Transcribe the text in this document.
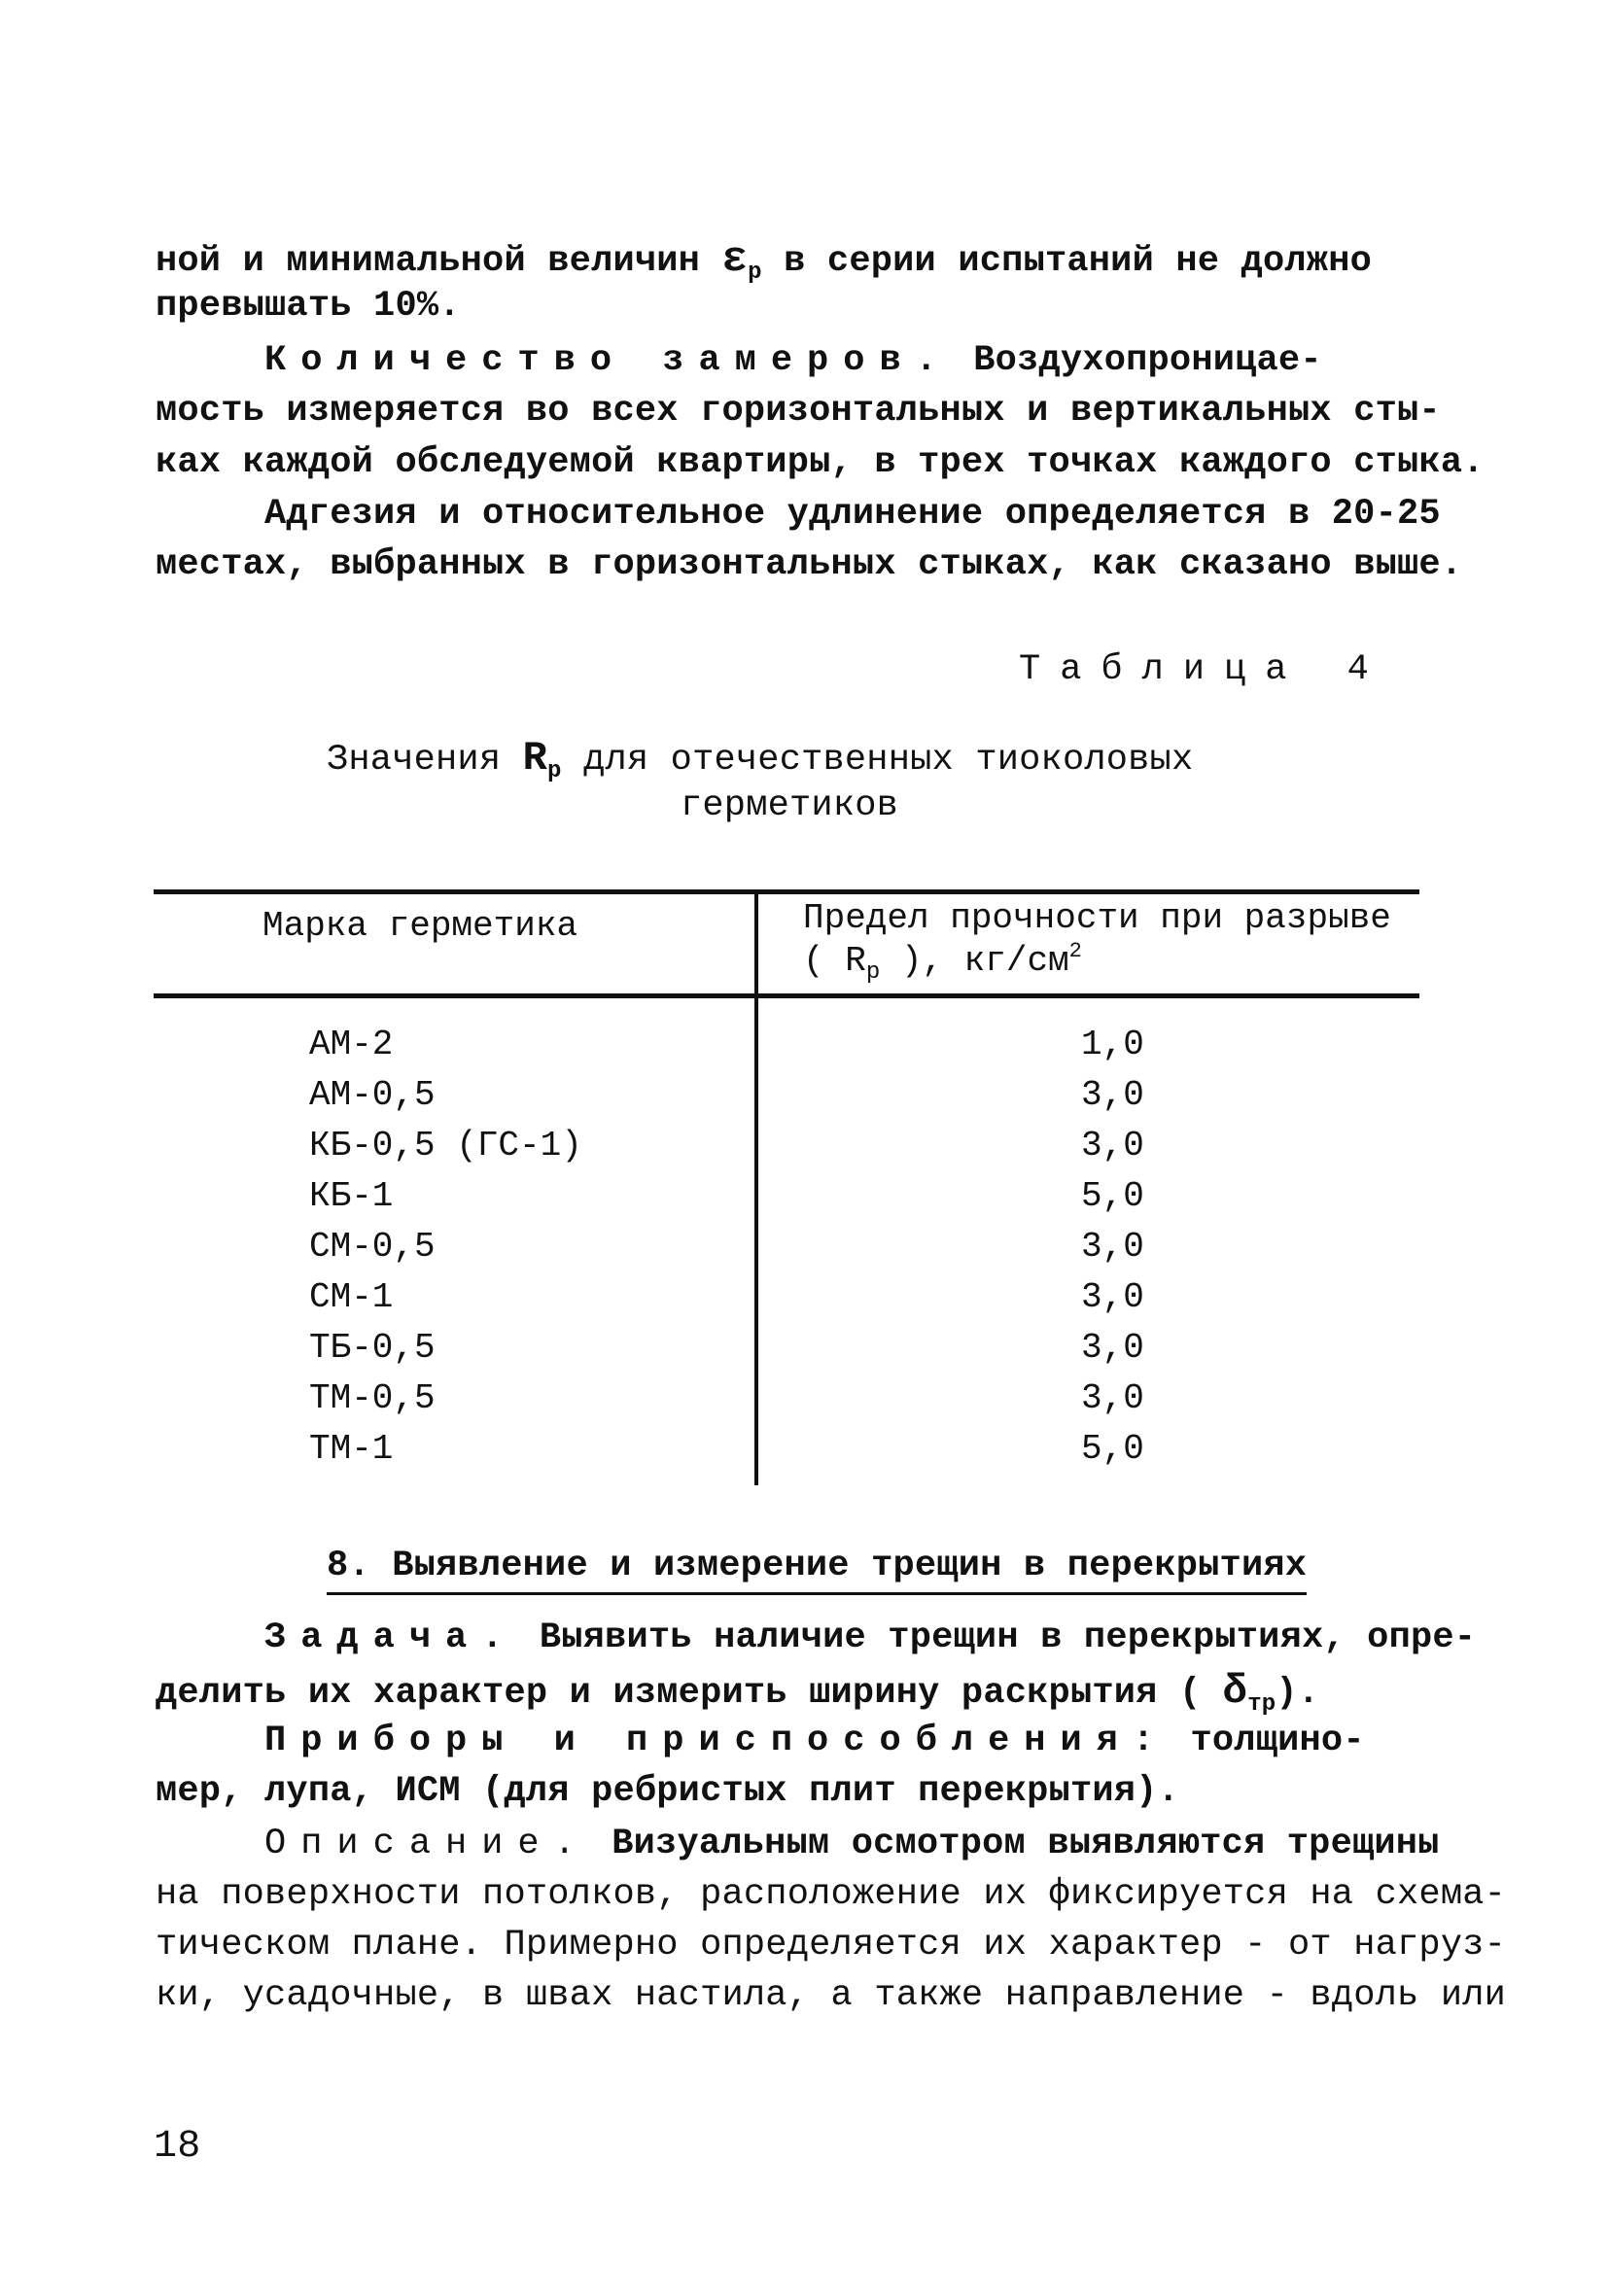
ной и минимальной величин $\varepsilon_р$ в серии испытаний не должно
превышать 10%.
Количество замеров. Воздухопроницае-
мость измеряется во всех горизонтальных и вертикальных сты-
ках каждой обследуемой квартиры, в трех точках каждого стыка.
Адгезия и относительное удлинение определяется в 20-25
местах, выбранных в горизонтальных стыках, как сказано выше.
Таблица 4
Значения $R_р$ для отечественных тиоколовых
герметиков
Марка герметика	Предел прочности при разрыве
( $R_р$ ), $кг/см^2$
АМ-2	1,0
АМ-0,5	3,0
КБ-0,5 (ГС-1)	3,0
КБ-1	5,0
СМ-0,5	3,0
СМ-1	3,0
ТБ-0,5	3,0
ТМ-0,5	3,0
ТМ-1	5,0
8. Выявление и измерение трещин в перекрытиях
Задача. Выявить наличие трещин в перекрытиях, опре-
делить их характер и измерить ширину раскрытия ( $\delta_{тр}$).
Приборы и приспособления: толщино-
мер, лупа, ИСМ (для ребристых плит перекрытия).
Описание. Визуальным осмотром выявляются трещины
на поверхности потолков, расположение их фиксируется на схема-
тическом плане. Примерно определяется их характер - от нагруз-
ки, усадочные, в швах настила, а также направление - вдоль или
18
